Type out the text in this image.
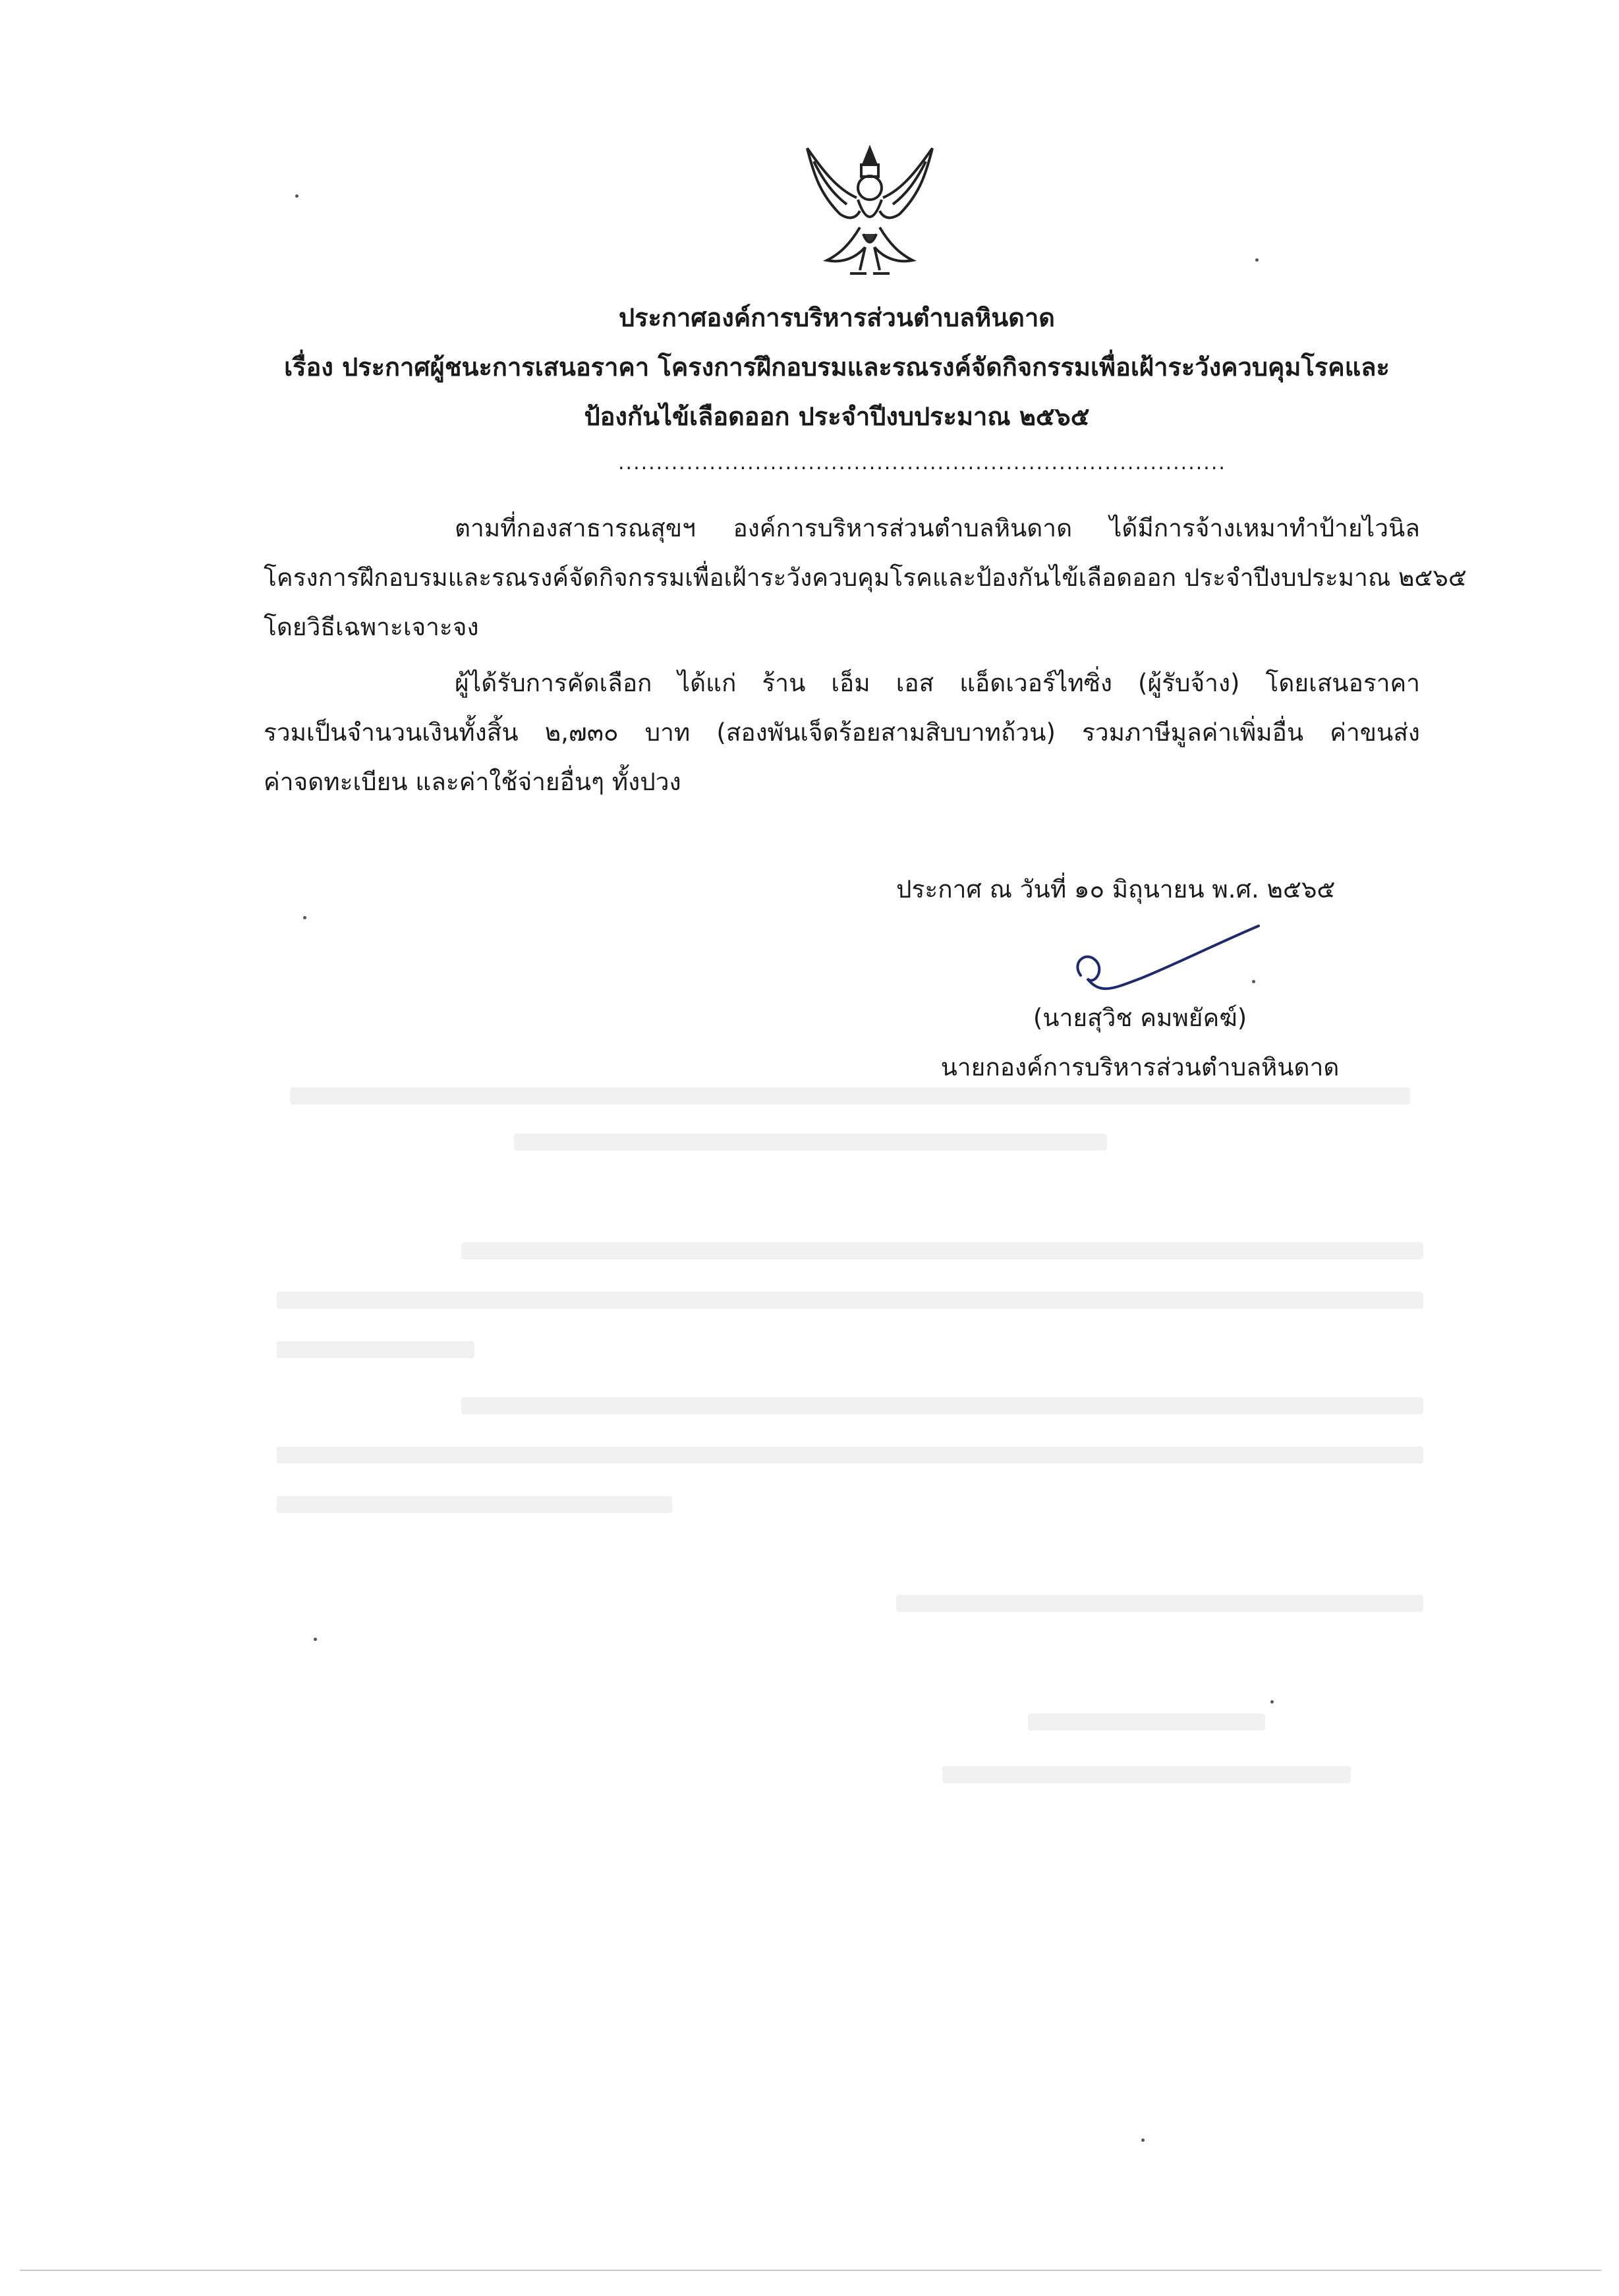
ประกาศองค์การบริหารส่วนตำบลหินดาด
เรื่อง ประกาศผู้ชนะการเสนอราคา โครงการฝึกอบรมและรณรงค์จัดกิจกรรมเพื่อเฝ้าระวังควบคุมโรคและ
ป้องกันไข้เลือดออก ประจำปีงบประมาณ ๒๕๖๕
................................................................................
ตามที่กองสาธารณสุขฯ องค์การบริหารส่วนตำบลหินดาด ได้มีการจ้างเหมาทำป้ายไวนิล
โครงการฝึกอบรมและรณรงค์จัดกิจกรรมเพื่อเฝ้าระวังควบคุมโรคและป้องกันไข้เลือดออก ประจำปีงบประมาณ ๒๕๖๕
โดยวิธีเฉพาะเจาะจง
ผู้ได้รับการคัดเลือก ได้แก่ ร้าน เอ็ม เอส แอ็ดเวอร์ไทซิ่ง (ผู้รับจ้าง) โดยเสนอราคา
รวมเป็นจำนวนเงินทั้งสิ้น ๒,๗๓๐ บาท (สองพันเจ็ดร้อยสามสิบบาทถ้วน) รวมภาษีมูลค่าเพิ่มอื่น ค่าขนส่ง
ค่าจดทะเบียน และค่าใช้จ่ายอื่นๆ ทั้งปวง
ประกาศ ณ วันที่ ๑๐ มิถุนายน พ.ศ. ๒๕๖๕
(นายสุวิช คมพยัคฆ์)
นายกองค์การบริหารส่วนตำบลหินดาด
